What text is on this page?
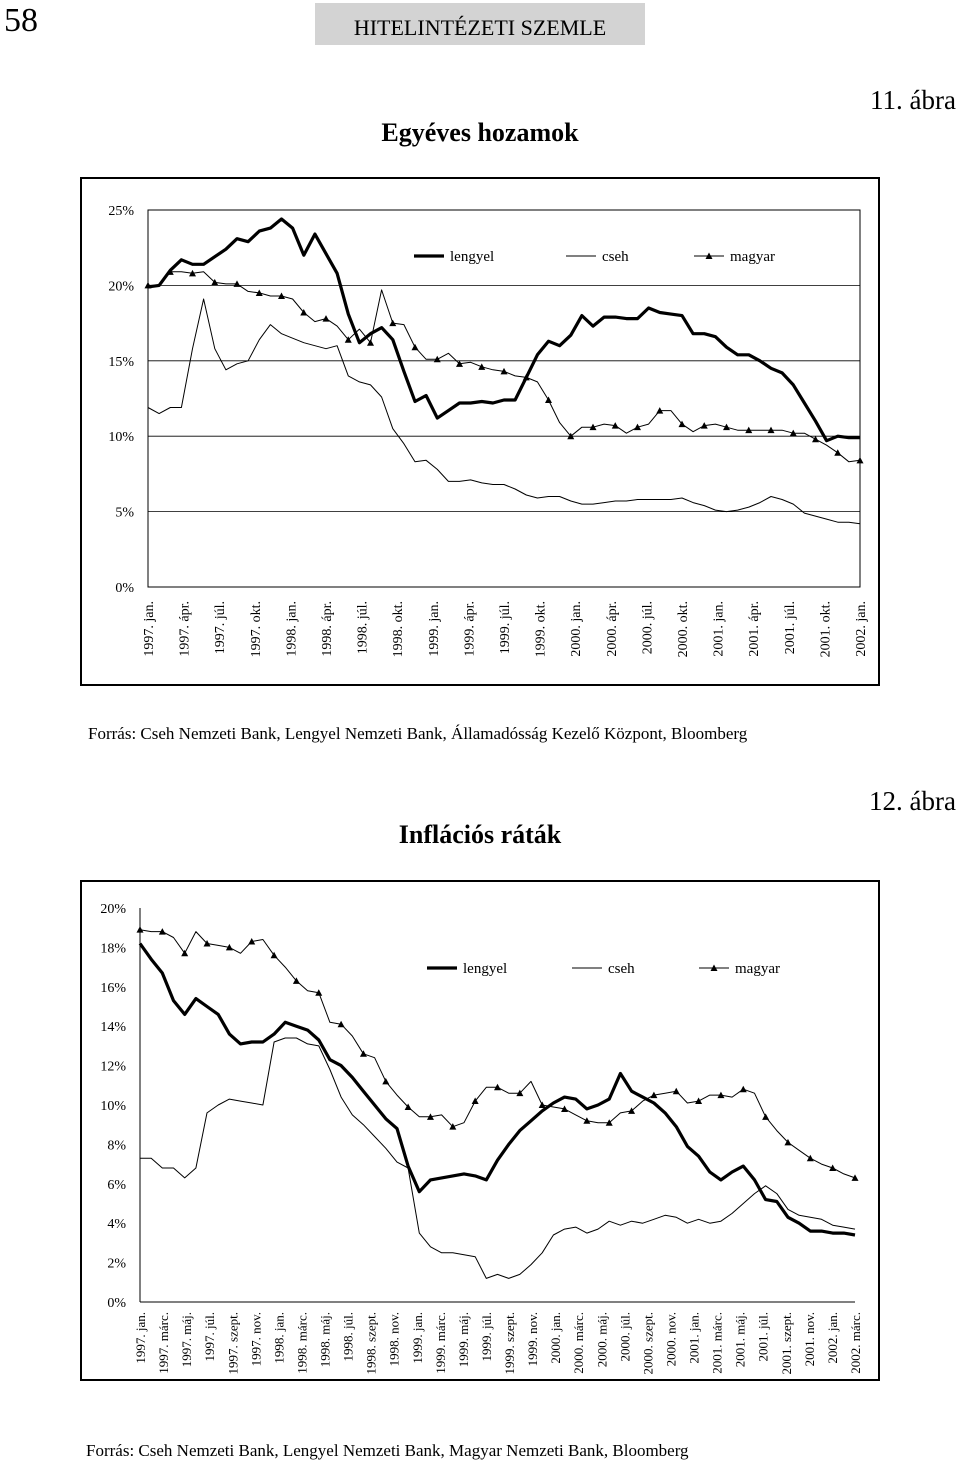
58	HITELINTÉZETI SZEMLE
11. ábra
Egyéves hozamok
0%
5%
10%
15%
20%
25%
1997. jan. 1997. ápr. 1997. júl. 1997. okt. 1998. jan. 1998. ápr. 1998. júl. 1998. okt. 1999. jan. 1999. ápr. 1999. júl. 1999. okt. 2000. jan. 2000. ápr. 2000. júl. 2000. okt. 2001. jan. 2001. ápr. 2001. júl. 2001. okt. 2002. jan.
lengyel	cseh	magyar
Forrás: Cseh Nemzeti Bank, Lengyel Nemzeti Bank, Államadósság Kezelő Központ, Bloomberg
12. ábra
Inflációs ráták
0%
2%
4%
6%
8%
10%
12%
14%
16%
18%
20%
1997. jan. 1997. márc. 1997. máj. 1997. júl. 1997. szept. 1997. nov. 1998. jan. 1998. márc. 1998. máj. 1998. júl. 1998. szept. 1998. nov. 1999. jan. 1999. márc. 1999. máj. 1999. júl. 1999. szept. 1999. nov. 2000. jan. 2000. márc. 2000. máj. 2000. júl. 2000. szept. 2000. nov. 2001. jan. 2001. márc. 2001. máj. 2001. júl. 2001. szept. 2001. nov. 2002. jan. 2002. márc.
lengyel	cseh	magyar
Forrás: Cseh Nemzeti Bank, Lengyel Nemzeti Bank, Magyar Nemzeti Bank, Bloomberg
